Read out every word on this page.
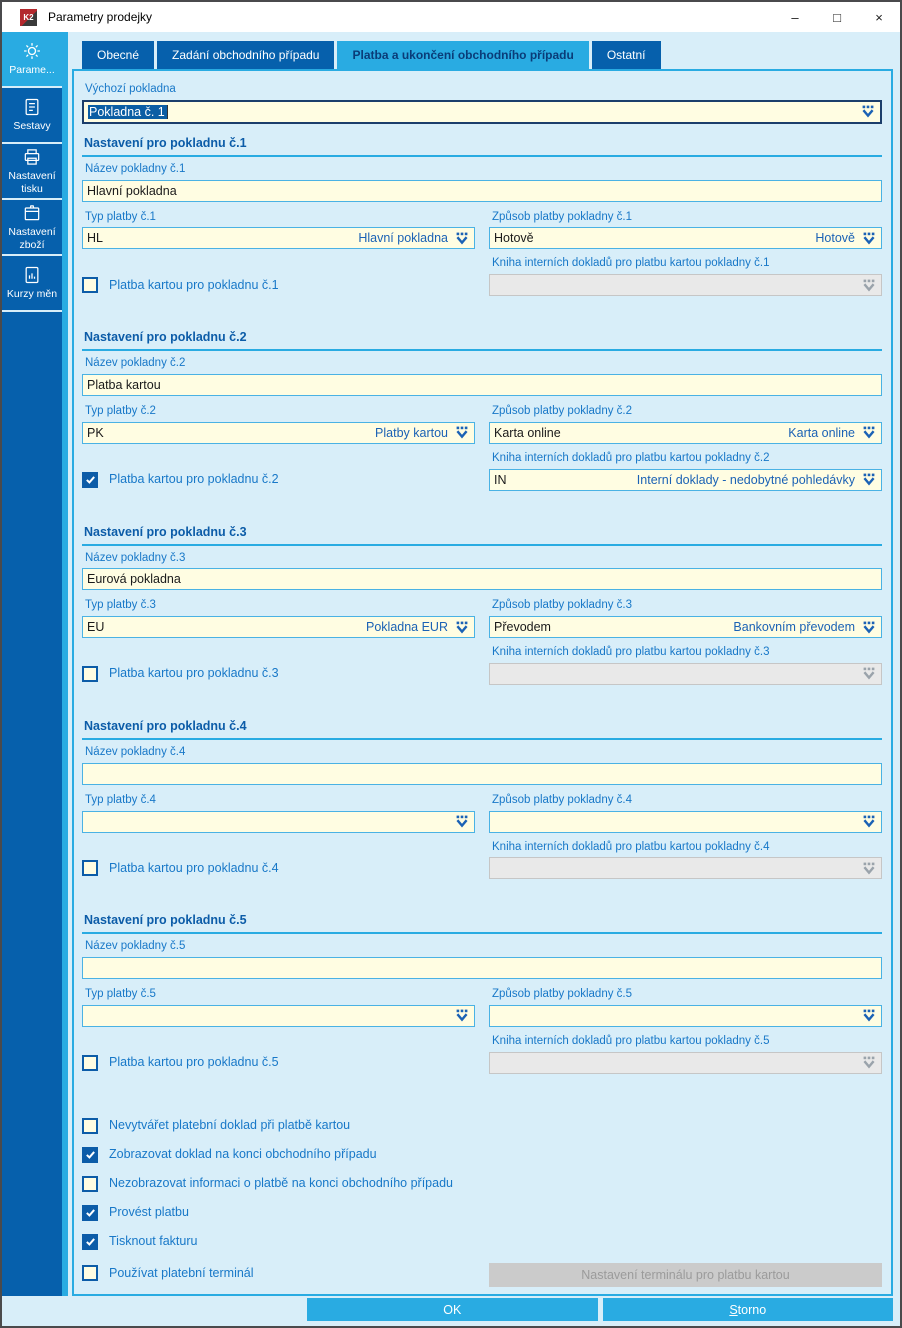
K2 Parametry prodejky	–	□	×
Parame...
Sestavy
Nastavení tisku
Nastavení zboží
Kurzy měn
Obecné	Zadání obchodního případu	Platba a ukončení obchodního případu	Ostatní
Výchozí pokladna
Pokladna č. 1
Nastavení pro pokladnu č.1
Název pokladny č.1
Hlavní pokladna
Typ platby č.1
HL	Hlavní pokladna
Způsob platby pokladny č.1
Hotově	Hotově
Platba kartou pro pokladnu č.1
Kniha interních dokladů pro platbu kartou pokladny č.1
Nastavení pro pokladnu č.2
Název pokladny č.2
Platba kartou
Typ platby č.2
PK	Platby kartou
Způsob platby pokladny č.2
Karta online	Karta online
Platba kartou pro pokladnu č.2
Kniha interních dokladů pro platbu kartou pokladny č.2
IN	Interní doklady - nedobytné pohledávky
Nastavení pro pokladnu č.3
Název pokladny č.3
Eurová pokladna
Typ platby č.3
EU	Pokladna EUR
Způsob platby pokladny č.3
Převodem	Bankovním převodem
Platba kartou pro pokladnu č.3
Kniha interních dokladů pro platbu kartou pokladny č.3
Nastavení pro pokladnu č.4
Název pokladny č.4
Typ platby č.4	Způsob platby pokladny č.4
Platba kartou pro pokladnu č.4
Kniha interních dokladů pro platbu kartou pokladny č.4
Nastavení pro pokladnu č.5
Název pokladny č.5
Typ platby č.5	Způsob platby pokladny č.5
Platba kartou pro pokladnu č.5
Kniha interních dokladů pro platbu kartou pokladny č.5
Nevytvářet platební doklad při platbě kartou
Zobrazovat doklad na konci obchodního případu
Nezobrazovat informaci o platbě na konci obchodního případu
Provést platbu
Tisknout fakturu
Používat platební terminál	Nastavení terminálu pro platbu kartou
OK	Storno
